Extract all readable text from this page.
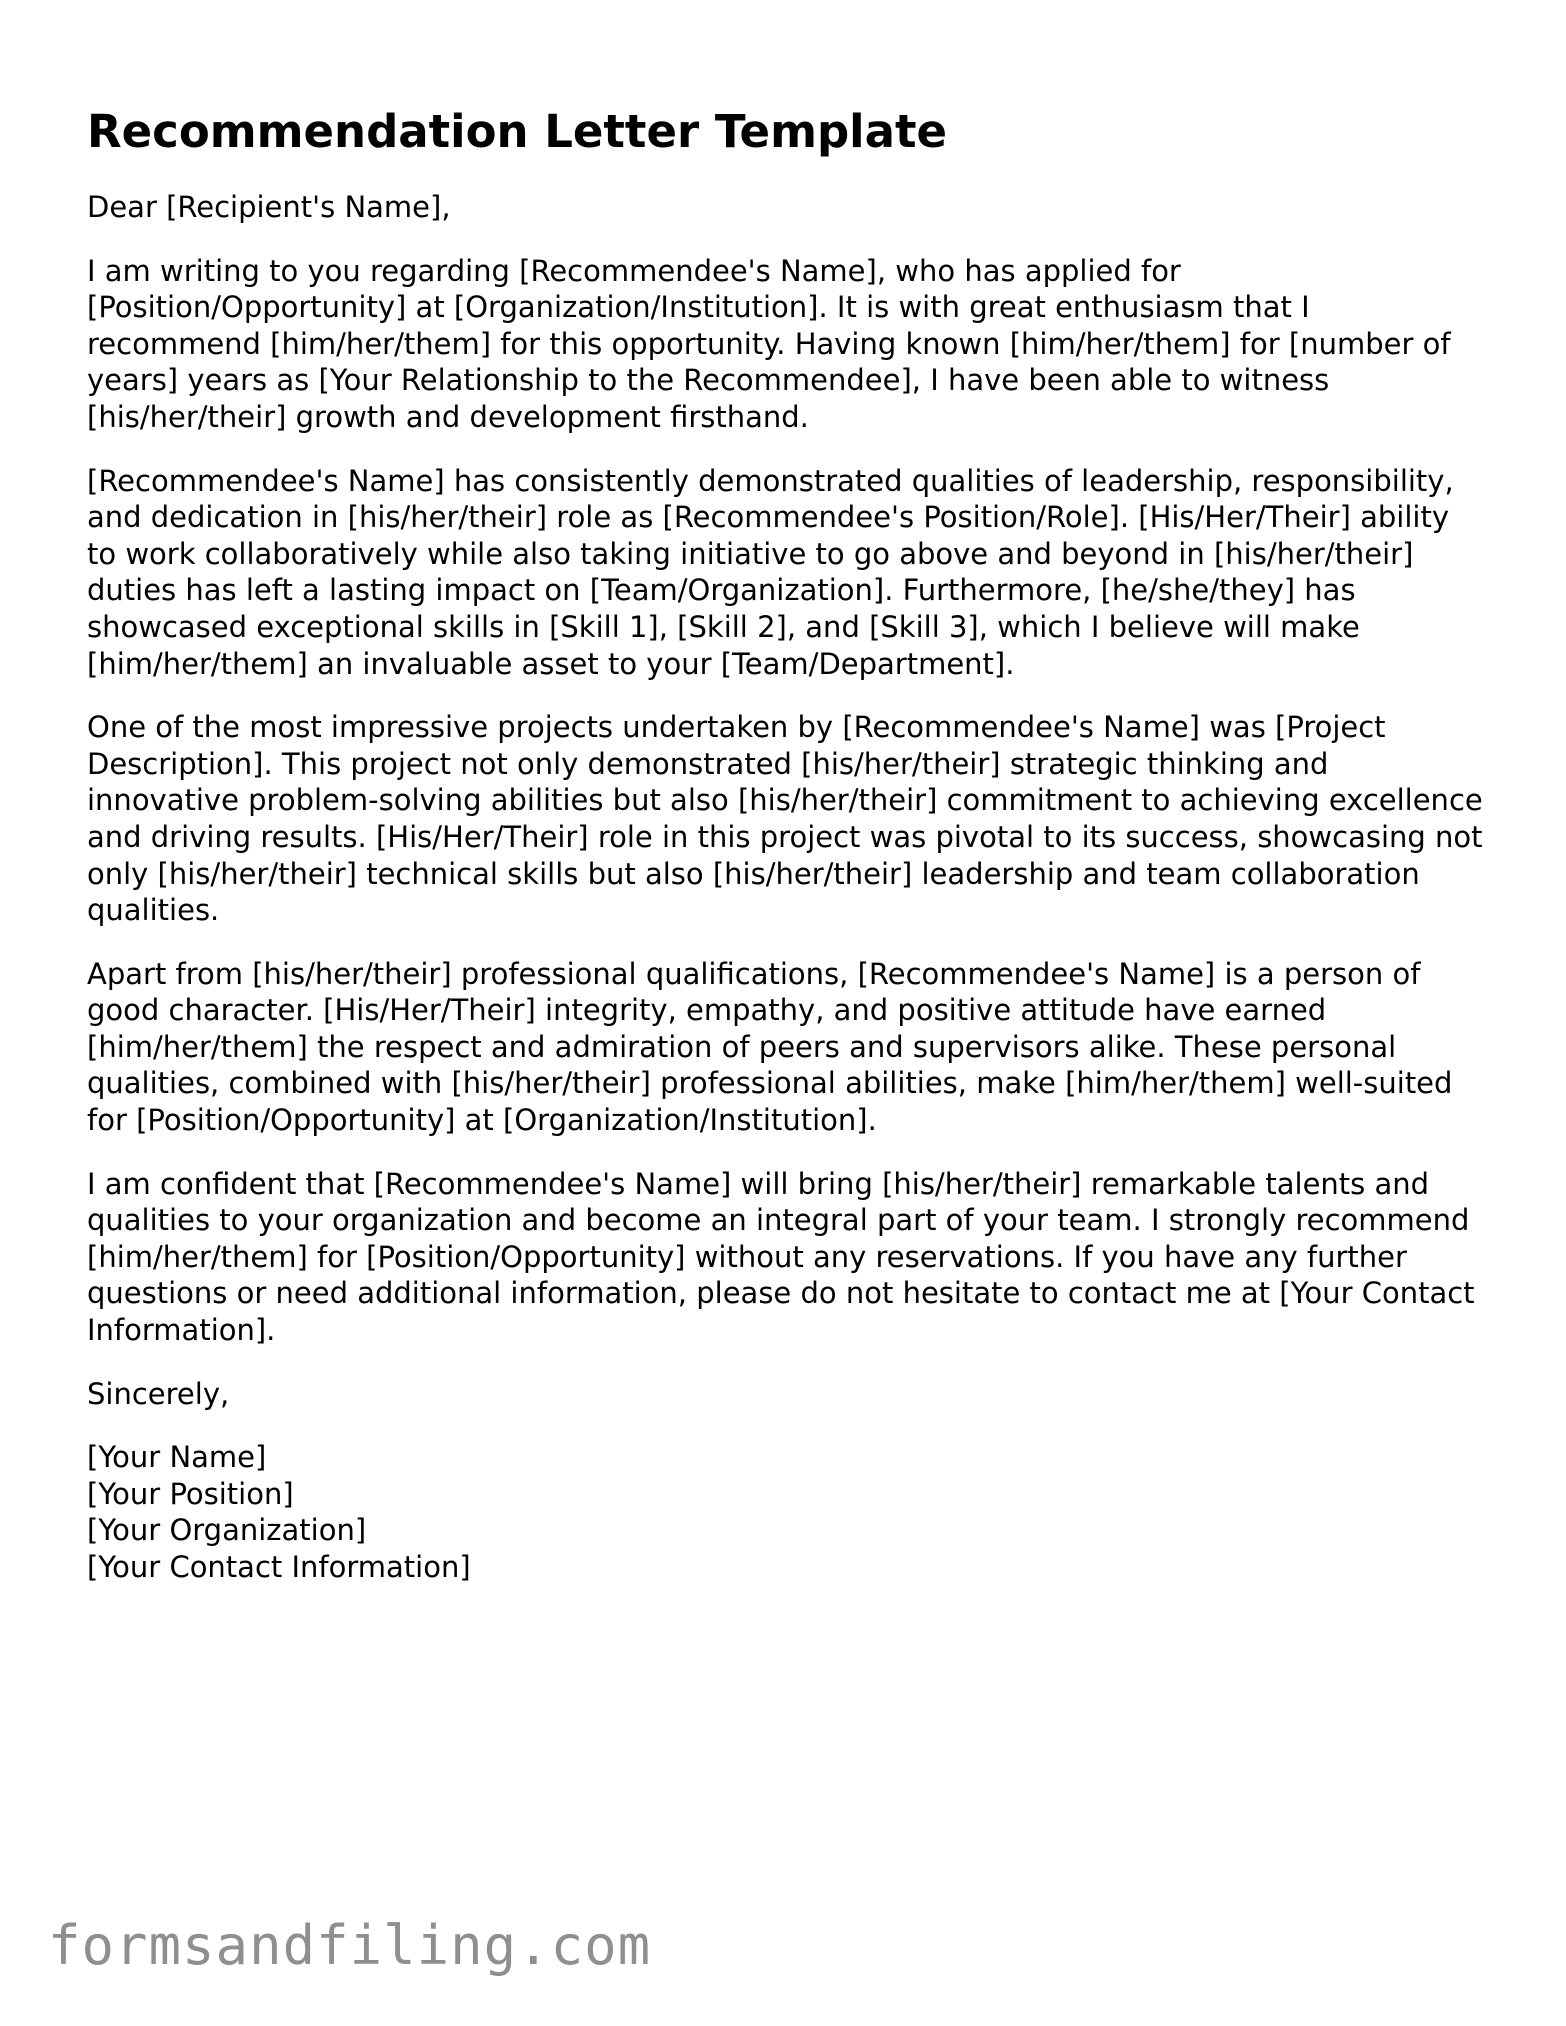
Recommendation Letter Template

Dear [Recipient's Name],

I am writing to you regarding [Recommendee's Name], who has applied for [Position/Opportunity] at [Organization/Institution]. It is with great enthusiasm that I recommend [him/her/them] for this opportunity. Having known [him/her/them] for [number of years] years as [Your Relationship to the Recommendee], I have been able to witness [his/her/their] growth and development firsthand.

[Recommendee's Name] has consistently demonstrated qualities of leadership, responsibility, and dedication in [his/her/their] role as [Recommendee's Position/Role]. [His/Her/Their] ability to work collaboratively while also taking initiative to go above and beyond in [his/her/their] duties has left a lasting impact on [Team/Organization]. Furthermore, [he/she/they] has showcased exceptional skills in [Skill 1], [Skill 2], and [Skill 3], which I believe will make [him/her/them] an invaluable asset to your [Team/Department].

One of the most impressive projects undertaken by [Recommendee's Name] was [Project Description]. This project not only demonstrated [his/her/their] strategic thinking and innovative problem-solving abilities but also [his/her/their] commitment to achieving excellence and driving results. [His/Her/Their] role in this project was pivotal to its success, showcasing not only [his/her/their] technical skills but also [his/her/their] leadership and team collaboration qualities.

Apart from [his/her/their] professional qualifications, [Recommendee's Name] is a person of good character. [His/Her/Their] integrity, empathy, and positive attitude have earned [him/her/them] the respect and admiration of peers and supervisors alike. These personal qualities, combined with [his/her/their] professional abilities, make [him/her/them] well-suited for [Position/Opportunity] at [Organization/Institution].

I am confident that [Recommendee's Name] will bring [his/her/their] remarkable talents and qualities to your organization and become an integral part of your team. I strongly recommend [him/her/them] for [Position/Opportunity] without any reservations. If you have any further questions or need additional information, please do not hesitate to contact me at [Your Contact Information].

Sincerely,

[Your Name]
[Your Position]
[Your Organization]
[Your Contact Information]
formsandfiling.com
